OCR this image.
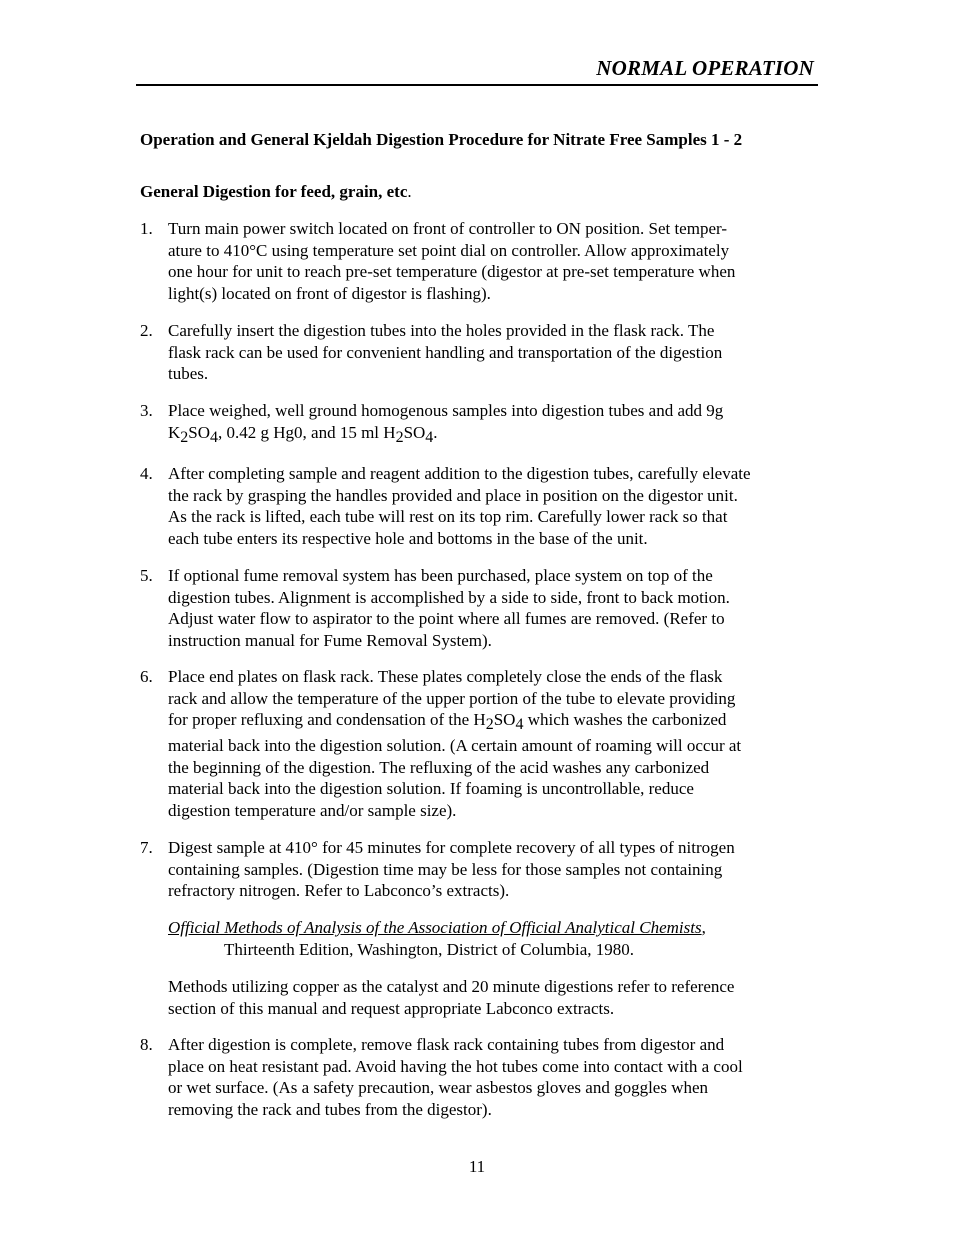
NORMAL OPERATION
Operation and General Kjeldah Digestion Procedure for Nitrate Free Samples 1 - 2
General Digestion for feed, grain, etc.
1. Turn main power switch located on front of controller to ON position. Set temper-
ature to 410°C using temperature set point dial on controller. Allow approximately
one hour for unit to reach pre-set temperature (digestor at pre-set temperature when
light(s) located on front of digestor is flashing).
2. Carefully insert the digestion tubes into the holes provided in the flask rack. The
flask rack can be used for convenient handling and transportation of the digestion
tubes.
3. Place weighed, well ground homogenous samples into digestion tubes and add 9g
$K_2SO_4$, 0.42 g Hg0, and 15 ml $H_2SO_4$.
4. After completing sample and reagent addition to the digestion tubes, carefully elevate
the rack by grasping the handles provided and place in position on the digestor unit.
As the rack is lifted, each tube will rest on its top rim. Carefully lower rack so that
each tube enters its respective hole and bottoms in the base of the unit.
5. If optional fume removal system has been purchased, place system on top of the
digestion tubes. Alignment is accomplished by a side to side, front to back motion.
Adjust water flow to aspirator to the point where all fumes are removed. (Refer to
instruction manual for Fume Removal System).
6. Place end plates on flask rack. These plates completely close the ends of the flask
rack and allow the temperature of the upper portion of the tube to elevate providing
for proper refluxing and condensation of the $H_2SO_4$ which washes the carbonized
material back into the digestion solution. (A certain amount of roaming will occur at
the beginning of the digestion. The refluxing of the acid washes any carbonized
material back into the digestion solution. If foaming is uncontrollable, reduce
digestion temperature and/or sample size).
7. Digest sample at 410° for 45 minutes for complete recovery of all types of nitrogen
containing samples. (Digestion time may be less for those samples not containing
refractory nitrogen. Refer to Labconco’s extracts).
Official Methods of Analysis of the Association of Official Analytical Chemists,
Thirteenth Edition, Washington, District of Columbia, 1980.
Methods utilizing copper as the catalyst and 20 minute digestions refer to reference
section of this manual and request appropriate Labconco extracts.
8. After digestion is complete, remove flask rack containing tubes from digestor and
place on heat resistant pad. Avoid having the hot tubes come into contact with a cool
or wet surface. (As a safety precaution, wear asbestos gloves and goggles when
removing the rack and tubes from the digestor).
11
